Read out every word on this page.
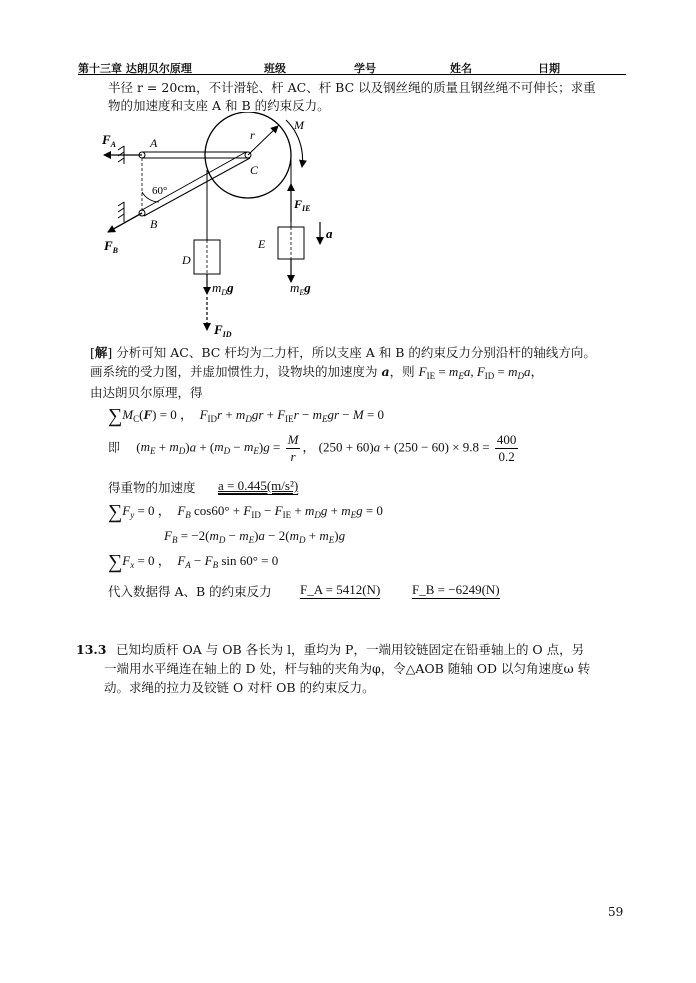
第十三章 达朗贝尔原理	班级	学号	姓名	日期
半径 r = 20cm，不计滑轮、杆 AC、杆 BC 以及钢丝绳的质量且钢丝绳不可伸长；求重
物的加速度和支座 A 和 B 的约束反力。
$F_A$	A
r
M
C
60°
$F_{IE}$
B
a
$F_B$	E
D
$m_Dg$	$m_Eg$
$F_{ID}$
[解] 分析可知 AC、BC 杆均为二力杆，所以支座 A 和 B 的约束反力分别沿杆的轴线方向。
画系统的受力图，并虚加惯性力，设物块的加速度为 a，则 $F_{IE} = m_Ea$, $F_{ID} = m_Da$，
由达朗贝尔原理，得
$\sum M_C(F) = 0$ ，  $F_{ID}r + m_Dgr + F_{IE}r - m_Egr - M = 0$
即     $(m_E + m_D)a + (m_D - m_E)g = \frac{M}{r}$ ， $(250 + 60)a + (250 - 60) \times 9.8 = \frac{400}{0.2}$
得重物的加速度 a = 0.445(m/s²)
$\sum F_y = 0$ ，  $F_B$ $\cos 60^\circ + F_{ID} - F_{IE} + m_Dg + m_Eg = 0$
$F_B = -2(m_D - m_E)a - 2(m_D + m_E)g$
$\sum F_x = 0$ ，  $F_A - F_B$ sin 60° = 0
代入数据得 A、B 的约束反力 F_A = 5412(N) F_B = −6249(N)
13.3 已知均质杆 OA 与 OB 各长为 l，重均为 P，一端用铰链固定在铅垂轴上的 O 点，另
一端用水平绳连在轴上的 D 处，杆与轴的夹角为φ，令△AOB 随轴 OD 以匀角速度ω 转
动。求绳的拉力及铰链 O 对杆 OB 的约束反力。
59
